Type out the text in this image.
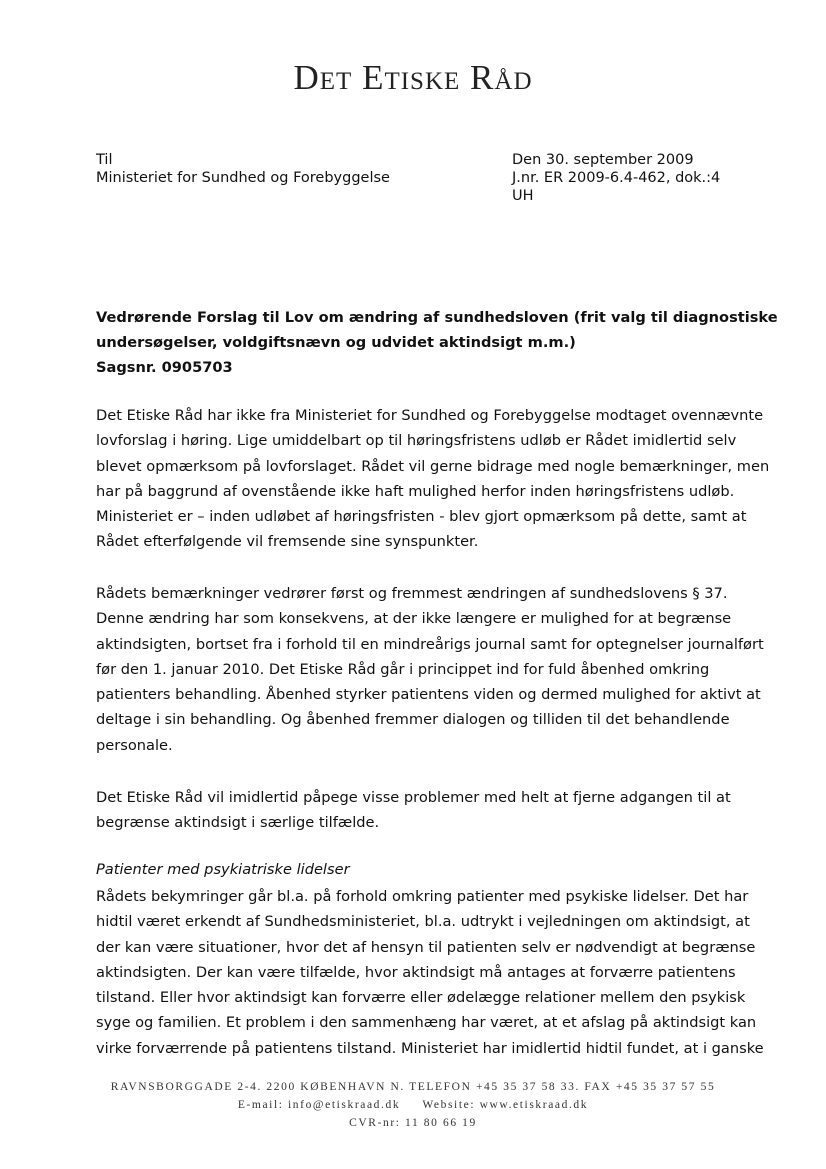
DET ETISKE RÅD
Til
Ministeriet for Sundhed og Forebyggelse
Den 30. september 2009
J.nr. ER 2009-6.4-462, dok.:4
UH
Vedrørende Forslag til Lov om ændring af sundhedsloven (frit valg til diagnostiske
undersøgelser, voldgiftsnævn og udvidet aktindsigt m.m.)
Sagsnr. 0905703
Det Etiske Råd har ikke fra Ministeriet for Sundhed og Forebyggelse modtaget ovennævnte
lovforslag i høring. Lige umiddelbart op til høringsfristens udløb er Rådet imidlertid selv
blevet opmærksom på lovforslaget. Rådet vil gerne bidrage med nogle bemærkninger, men
har på baggrund af ovenstående ikke haft mulighed herfor inden høringsfristens udløb.
Ministeriet er – inden udløbet af høringsfristen - blev gjort opmærksom på dette, samt at
Rådet efterfølgende vil fremsende sine synspunkter.
Rådets bemærkninger vedrører først og fremmest ændringen af sundhedslovens § 37.
Denne ændring har som konsekvens, at der ikke længere er mulighed for at begrænse
aktindsigten, bortset fra i forhold til en mindreårigs journal samt for optegnelser journalført
før den 1. januar 2010. Det Etiske Råd går i princippet ind for fuld åbenhed omkring
patienters behandling. Åbenhed styrker patientens viden og dermed mulighed for aktivt at
deltage i sin behandling. Og åbenhed fremmer dialogen og tilliden til det behandlende
personale.
Det Etiske Råd vil imidlertid påpege visse problemer med helt at fjerne adgangen til at
begrænse aktindsigt i særlige tilfælde.
Patienter med psykiatriske lidelser
Rådets bekymringer går bl.a. på forhold omkring patienter med psykiske lidelser. Det har
hidtil været erkendt af Sundhedsministeriet, bl.a. udtrykt i vejledningen om aktindsigt, at
der kan være situationer, hvor det af hensyn til patienten selv er nødvendigt at begrænse
aktindsigten. Der kan være tilfælde, hvor aktindsigt må antages at forværre patientens
tilstand. Eller hvor aktindsigt kan forværre eller ødelægge relationer mellem den psykisk
syge og familien. Et problem i den sammenhæng har været, at et afslag på aktindsigt kan
virke forværrende på patientens tilstand. Ministeriet har imidlertid hidtil fundet, at i ganske
RAVNSBORGGADE 2-4. 2200 KØBENHAVN N. TELEFON +45 35 37 58 33. FAX +45 35 37 57 55
E-mail: info@etiskraad.dk     Website: www.etiskraad.dk
CVR-nr: 11 80 66 19
